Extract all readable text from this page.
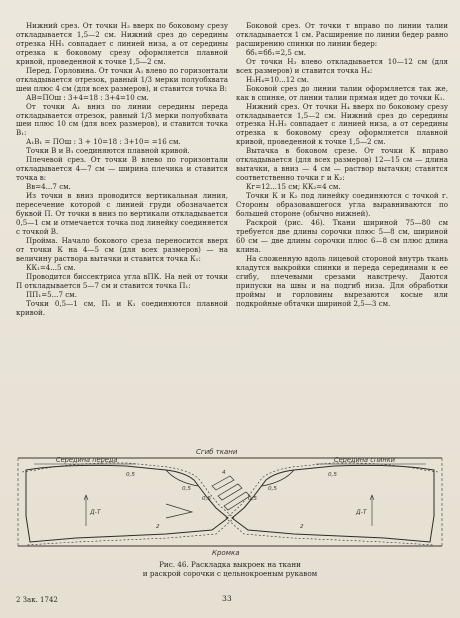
Нижний срез. От точки Н₃ вверх по боковому срезу откладывается 1,5—2 см. Нижний срез до середины отрезка НН₁ совпадает с линией низа, а от середины отрезка к боковому срезу оформляется плавной кривой, проведенной к точке 1,5—2 см.

Перед. Горловина. От точки А₁ влево по горизонтали откладывается отрезок, равный 1/3 мерки полуобхвата шеи плюс 4 см (для всех размеров), и ставится точка В:

АВ=ПОш : 3+4=18 : 3+4=10 см.

От точки А₁ вниз по линии середины переда откладывается отрезок, равный 1/3 мерки полуобхвата шеи плюс 10 см (для всех размеров), и ставится точка В₁:

А₁В₁ = ПОш : 3 + 10=18 : 3+10= =16 см.

Точки В и В₁ соединяются плавной кривой.

Плечевой срез. От точки В влево по горизонтали откладывается 4—7 см — ширина плечика и ставится точка в:

Вв=4...7 см.

Из точки в вниз проводится вертикальная линия, пересечение которой с линией груди обозначается буквой П. От точки в вниз по вертикали откладывается 0,5—1 см и отмечается точка под линейку соединяется с точкой В.

Пройма. Начало бокового среза переносится вверх от точки К на 4—5 см (для всех размеров) — на величину раствора вытачки и ставится точка К₁:

КК₁=4...5 см.

Проводится биссектриса угла вПК. На ней от точки П откладывается 5—7 см и ставится точка П₁:

ПП₁=5...7 см.

Точки 0,5—1 см, П₁ и К₁ соединяются плавной кривой.

Боковой срез. От точки т вправо по линии талии откладывается 1 см. Расширение по линии бедер равно расширению спинки по линии бедер:

бб₁=бб₁=2,5 см.

От точки Н₃ влево откладывается 10—12 см (для всех размеров) и ставится точка Н₄:

Н₃Н₄=10...12 см.

Боковой срез до линии талии оформляется так же, как в спинке, от линии талии прямая идет до точки К₁.

Нижний срез. От точки Н₄ вверх по боковому срезу откладывается 1,5—2 см. Нижний срез до середины отрезка Н₁Н₂ совпадает с линией низа, а от середины отрезка к боковому срезу оформляется плавной кривой, проведенной к точке 1,5—2 см.

Вытачка в боковом срезе. От точки К вправо откладывается (для всех размеров) 12—15 см — длина вытачки, а вниз — 4 см — раствор вытачки; ставятся соответственно точки г и К₂:

Кг=12...15 см; КК₂=4 см.

Точки К и К₂ под линейку соединяются с точкой г. Стороны образовавшегося угла выравниваются по большей стороне (обычно нижней).

Раскрой (рис. 46). Ткани шириной 75—80 см требуется две длины сорочки плюс 5—8 см, шириной 60 см — две длины сорочки плюс 6—8 см плюс длина клина.

На сложенную вдоль лицевой стороной внутрь ткань кладутся выкройки спинки и переда серединами к ее сгибу, плечевыми срезами навстречу. Даются припуски на швы и на подгиб низа. Для обработки проймы и горловины вырезаются косые или подкройные обтачки шириной 2,5—3 см.

Сгиб ткани
Середина переда	Середина спинки
Кромка
Д-Т	Д-Т
0,5
0,5
0,5	0,5
0,5
0,5
4
2	2
Рис. 46. Раскладка выкроек на ткани
и раскрой сорочки с цельнокроеным рукавом
2 Зак. 1742	33
